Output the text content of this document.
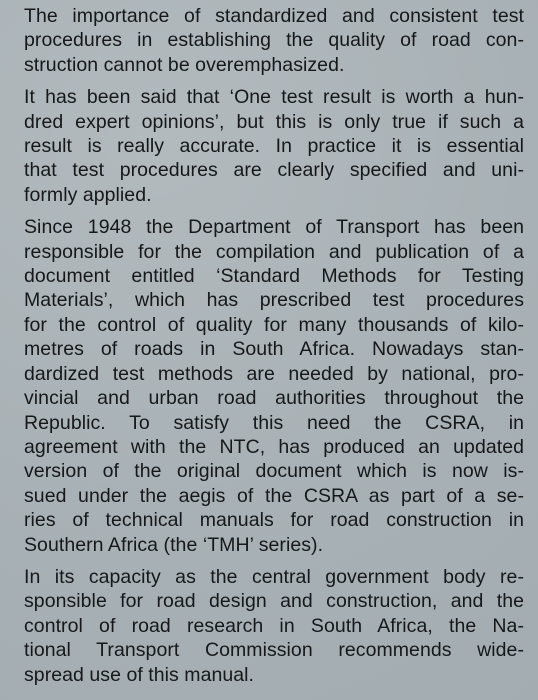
The importance of standardized and consistent test
procedures in establishing the quality of road con-
struction cannot be overemphasized.
It has been said that ‘One test result is worth a hun-
dred expert opinions’, but this is only true if such a
result is really accurate. In practice it is essential
that test procedures are clearly specified and uni-
formly applied.
Since 1948 the Department of Transport has been
responsible for the compilation and publication of a
document entitled ‘Standard Methods for Testing
Materials’, which has prescribed test procedures
for the control of quality for many thousands of kilo-
metres of roads in South Africa. Nowadays stan-
dardized test methods are needed by national, pro-
vincial and urban road authorities throughout the
Republic. To satisfy this need the CSRA, in
agreement with the NTC, has produced an updated
version of the original document which is now is-
sued under the aegis of the CSRA as part of a se-
ries of technical manuals for road construction in
Southern Africa (the ‘TMH’ series).
In its capacity as the central government body re-
sponsible for road design and construction, and the
control of road research in South Africa, the Na-
tional Transport Commission recommends wide-
spread use of this manual.
